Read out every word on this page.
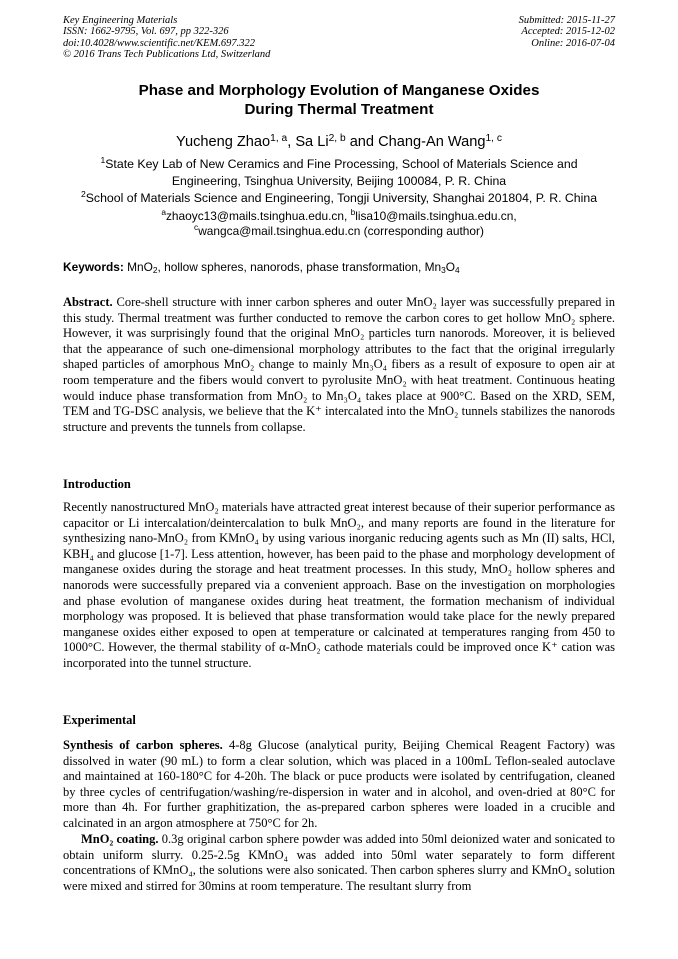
Key Engineering Materials
ISSN: 1662-9795, Vol. 697, pp 322-326
doi:10.4028/www.scientific.net/KEM.697.322
© 2016 Trans Tech Publications Ltd, Switzerland
Submitted: 2015-11-27
Accepted: 2015-12-02
Online: 2016-07-04
Phase and Morphology Evolution of Manganese Oxides
During Thermal Treatment
Yucheng Zhao$^{1, a}$, Sa Li$^{2, b}$ and Chang-An Wang$^{1, c}$
$^1$State Key Lab of New Ceramics and Fine Processing, School of Materials Science and
Engineering, Tsinghua University, Beijing 100084, P. R. China
$^2$School of Materials Science and Engineering, Tongji University, Shanghai 201804, P. R. China
$^a$zhaoyc13@mails.tsinghua.edu.cn, $^b$lisa10@mails.tsinghua.edu.cn,
$^c$wangca@mail.tsinghua.edu.cn (corresponding author)
Keywords: MnO$_2$, hollow spheres, nanorods, phase transformation, $Mn_3O_4$
Abstract. Core-shell structure with inner carbon spheres and outer MnO₂ layer was successfully prepared in this study. Thermal treatment was further conducted to remove the carbon cores to get hollow MnO₂ sphere. However, it was surprisingly found that the original MnO₂ particles turn nanorods. Moreover, it is believed that the appearance of such one-dimensional morphology attributes to the fact that the original irregularly shaped particles of amorphous MnO₂ change to mainly Mn₃O₄ fibers as a result of exposure to open air at room temperature and the fibers would convert to pyrolusite MnO₂ with heat treatment. Continuous heating would induce phase transformation from MnO₂ to Mn₃O₄ takes place at 900°C. Based on the XRD, SEM, TEM and TG-DSC analysis, we believe that the K⁺ intercalated into the MnO₂ tunnels stabilizes the nanorods structure and prevents the tunnels from collapse.
Introduction
Recently nanostructured MnO₂ materials have attracted great interest because of their superior performance as capacitor or Li intercalation/deintercalation to bulk MnO₂, and many reports are found in the literature for synthesizing nano-MnO₂ from KMnO₄ by using various inorganic reducing agents such as Mn (II) salts, HCl, KBH₄ and glucose [1-7]. Less attention, however, has been paid to the phase and morphology development of manganese oxides during the storage and heat treatment processes. In this study, MnO₂ hollow spheres and nanorods were successfully prepared via a convenient approach. Base on the investigation on morphologies and phase evolution of manganese oxides during heat treatment, the formation mechanism of individual morphology was proposed. It is believed that phase transformation would take place for the newly prepared manganese oxides either exposed to open at temperature or calcinated at temperatures ranging from 450 to 1000°C. However, the thermal stability of α-MnO₂ cathode materials could be improved once K⁺ cation was incorporated into the tunnel structure.
Experimental
Synthesis of carbon spheres. 4-8g Glucose (analytical purity, Beijing Chemical Reagent Factory) was dissolved in water (90 mL) to form a clear solution, which was placed in a 100mL Teflon-sealed autoclave and maintained at 160-180°C for 4-20h. The black or puce products were isolated by centrifugation, cleaned by three cycles of centrifugation/washing/re-dispersion in water and in alcohol, and oven-dried at 80°C for more than 4h. For further graphitization, the as-prepared carbon spheres were loaded in a crucible and calcinated in an argon atmosphere at 750°C for 2h.
MnO₂ coating. 0.3g original carbon sphere powder was added into 50ml deionized water and sonicated to obtain uniform slurry. 0.25-2.5g KMnO₄ was added into 50ml water separately to form different concentrations of KMnO₄, the solutions were also sonicated. Then carbon spheres slurry and KMnO₄ solution were mixed and stirred for 30mins at room temperature. The resultant slurry from
